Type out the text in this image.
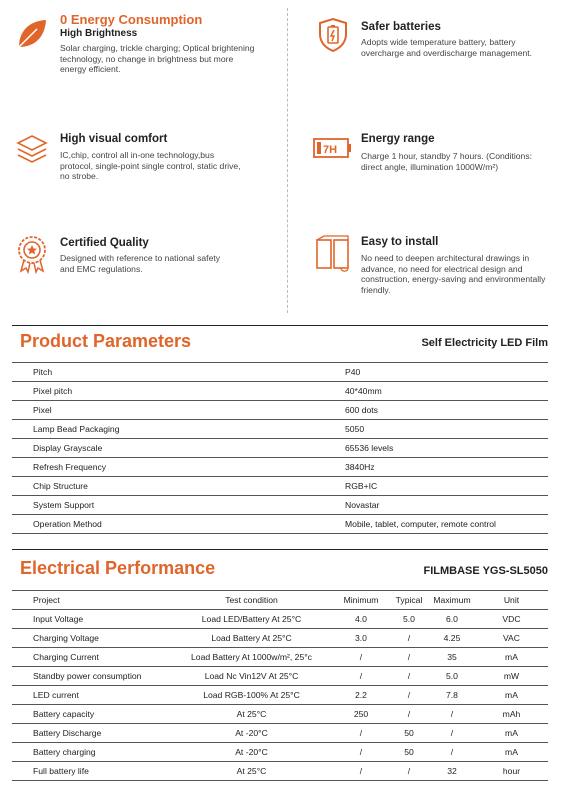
0 Energy Consumption
High Brightness

Solar charging, trickle charging; Optical brightening technology, no change in brightness but more energy efficient.

Safer batteries

Adopts wide temperature battery, battery overcharge and overdischarge management.

High visual comfort

IC,chip, control all in-one technology,bus protocol, single-point single control, static drive, no strobe.

7H
Energy range

Charge 1 hour, standby 7 hours. (Conditions: direct angle, illumination 1000W/m²)

Certified Quality

Designed with reference to national safety and EMC regulations.

Easy to install

No need to deepen architectural drawings in advance, no need for electrical design and construction, energy-saving and environmentally friendly.

Product Parameters	Self Electricity LED Film
Pitch	P40
Pixel pitch	40*40mm
Pixel	600 dots
Lamp Bead Packaging	5050
Display Grayscale	65536 levels
Refresh Frequency	3840Hz
Chip Structure	RGB+IC
System Support	Novastar
Operation Method	Mobile, tablet, computer, remote control
Electrical Performance	FILMBASE YGS-SL5050
Project	Test condition	Minimum	Typical	Maximum	Unit
Input Voltage	Load LED/Battery At 25°C	4.0	5.0	6.0	VDC
Charging Voltage	Load Battery At 25°C	3.0	/	4.25	VAC
Charging Current	Load Battery At 1000w/m², 25°c	/	/	35	mA
Standby power consumption	Load Nc Vin12V At 25°C	/	/	5.0	mW
LED current	Load RGB-100% At 25°C	2.2	/	7.8	mA
Battery capacity	At 25°C	250	/	/	mAh
Battery Discharge	At -20°C	/	50	/	mA
Battery charging	At -20°C	/	50	/	mA
Full battery life	At 25°C	/	/	32	hour
